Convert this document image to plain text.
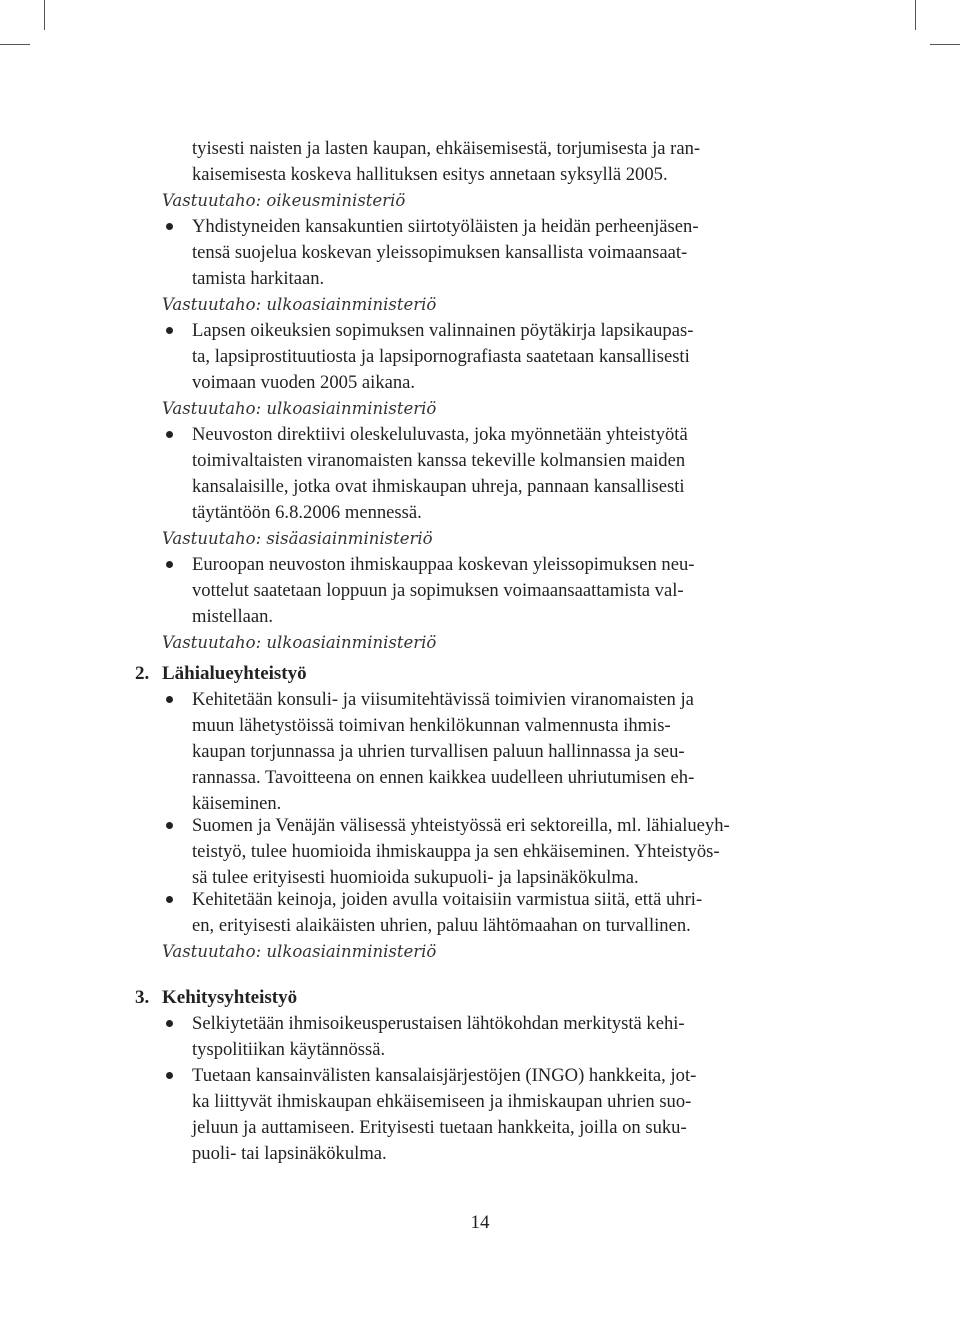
tyisesti naisten ja lasten kaupan, ehkäisemisestä, torjumisesta ja ran-
kaisemisesta koskeva hallituksen esitys annetaan syksyllä 2005.
Vastuutaho: oikeusministeriö
Yhdistyneiden kansakuntien siirtotyöläisten ja heidän perheenjäsen-
tensä suojelua koskevan yleissopimuksen kansallista voimaansaat-
tamista harkitaan.
Vastuutaho: ulkoasiainministeriö
Lapsen oikeuksien sopimuksen valinnainen pöytäkirja lapsikaupas-
ta, lapsiprostituutiosta ja lapsipornografiasta saatetaan kansallisesti
voimaan vuoden 2005 aikana.
Vastuutaho: ulkoasiainministeriö
Neuvoston direktiivi oleskeluluvasta, joka myönnetään yhteistyötä
toimivaltaisten viranomaisten kanssa tekeville kolmansien maiden
kansalaisille, jotka ovat ihmiskaupan uhreja, pannaan kansallisesti
täytäntöön 6.8.2006 mennessä.
Vastuutaho: sisäasiainministeriö
Euroopan neuvoston ihmiskauppaa koskevan yleissopimuksen neu-
vottelut saatetaan loppuun ja sopimuksen voimaansaattamista val-
mistellaan.
Vastuutaho: ulkoasiainministeriö
2. Lähialueyhteistyö
Kehitetään konsuli- ja viisumitehtävissä toimivien viranomaisten ja
muun lähetystöissä toimivan henkilökunnan valmennusta ihmis-
kaupan torjunnassa ja uhrien turvallisen paluun hallinnassa ja seu-
rannassa. Tavoitteena on ennen kaikkea uudelleen uhriutumisen eh-
käiseminen.
Suomen ja Venäjän välisessä yhteistyössä eri sektoreilla, ml. lähialueyh-
teistyö, tulee huomioida ihmiskauppa ja sen ehkäiseminen. Yhteistyös-
sä tulee erityisesti huomioida sukupuoli- ja lapsinäkökulma.
Kehitetään keinoja, joiden avulla voitaisiin varmistua siitä, että uhri-
en, erityisesti alaikäisten uhrien, paluu lähtömaahan on turvallinen.
Vastuutaho: ulkoasiainministeriö
3. Kehitysyhteistyö
Selkiytetään ihmisoikeusperustaisen lähtökohdan merkitystä kehi-
tyspolitiikan käytännössä.
Tuetaan kansainvälisten kansalaisjärjestöjen (INGO) hankkeita, jot-
ka liittyvät ihmiskaupan ehkäisemiseen ja ihmiskaupan uhrien suo-
jeluun ja auttamiseen. Erityisesti tuetaan hankkeita, joilla on suku-
puoli- tai lapsinäkökulma.
14
